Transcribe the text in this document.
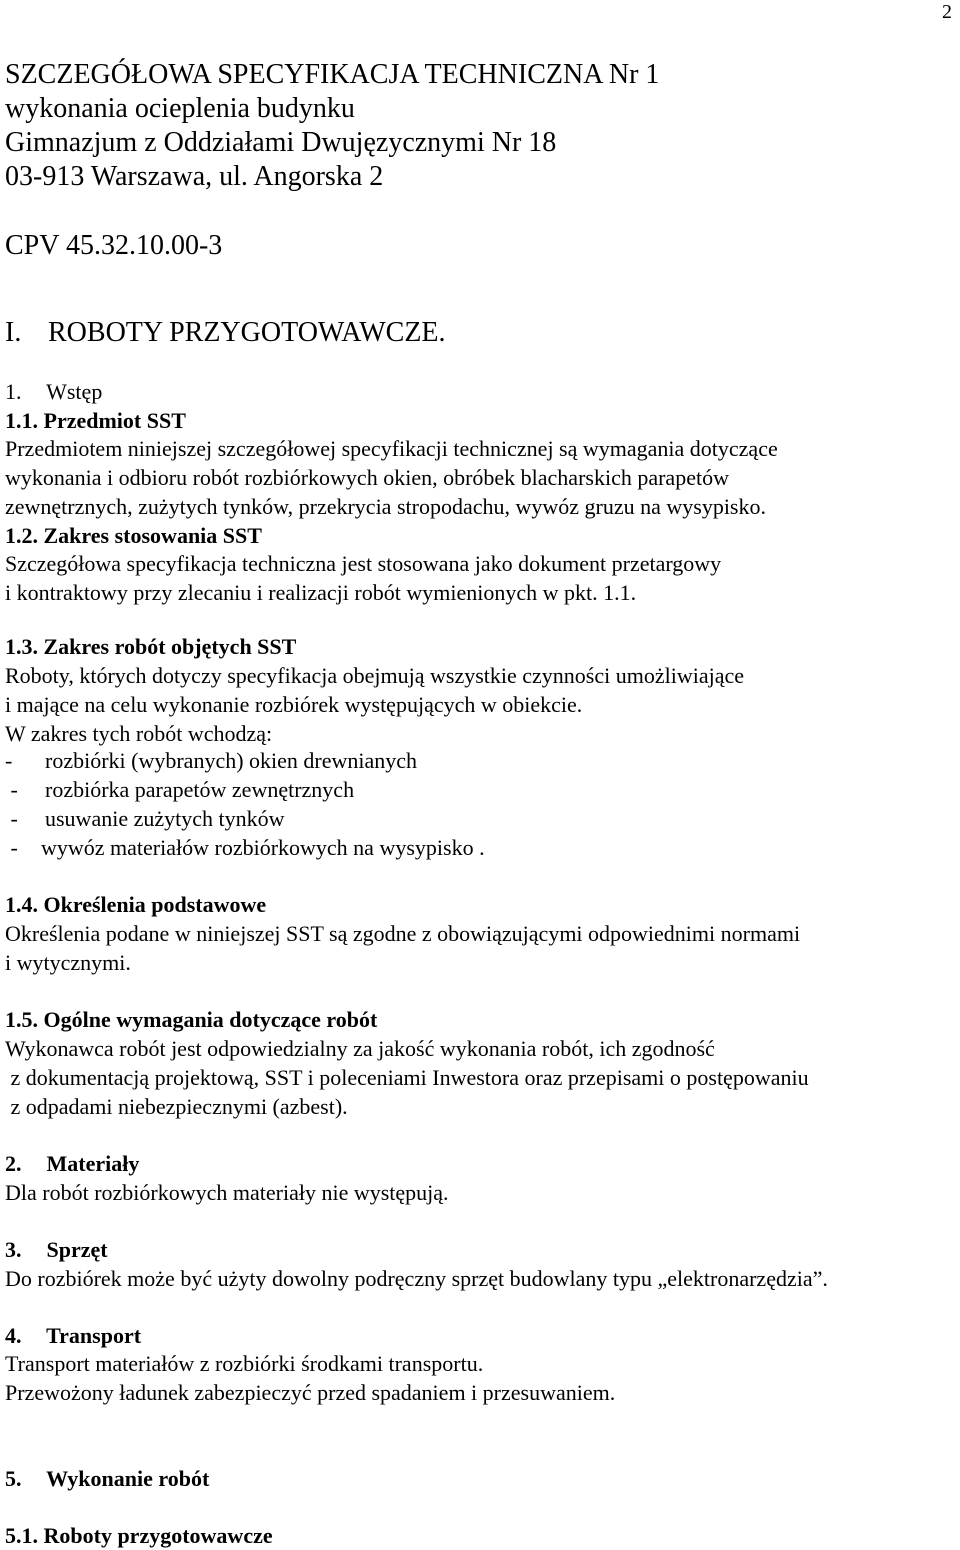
2
SZCZEGÓŁOWA SPECYFIKACJA TECHNICZNA Nr 1
wykonania ocieplenia budynku
Gimnazjum z Oddziałami Dwujęzycznymi Nr 18
03-913 Warszawa, ul. Angorska 2
CPV 45.32.10.00-3
I. ROBOTY PRZYGOTOWAWCZE.
1. Wstęp
1.1. Przedmiot SST
Przedmiotem niniejszej szczegółowej specyfikacji technicznej są wymagania dotyczące
wykonania i odbioru robót rozbiórkowych okien, obróbek blacharskich parapetów
zewnętrznych, zużytych tynków, przekrycia stropodachu, wywóz gruzu na wysypisko.
1.2. Zakres stosowania SST
Szczegółowa specyfikacja techniczna jest stosowana jako dokument przetargowy
i kontraktowy przy zlecaniu i realizacji robót wymienionych w pkt. 1.1.
1.3. Zakres robót objętych SST
Roboty, których dotyczy specyfikacja obejmują wszystkie czynności umożliwiające
i mające na celu wykonanie rozbiórek występujących w obiekcie.
W zakres tych robót wchodzą:
- rozbiórki (wybranych) okien drewnianych
- rozbiórka parapetów zewnętrznych
- usuwanie zużytych tynków
- wywóz materiałów rozbiórkowych na wysypisko .
1.4. Określenia podstawowe
Określenia podane w niniejszej SST są zgodne z obowiązującymi odpowiednimi normami
i wytycznymi.
1.5. Ogólne wymagania dotyczące robót
Wykonawca robót jest odpowiedzialny za jakość wykonania robót, ich zgodność
z dokumentacją projektową, SST i poleceniami Inwestora oraz przepisami o postępowaniu
z odpadami niebezpiecznymi (azbest).
2. Materiały
Dla robót rozbiórkowych materiały nie występują.
3. Sprzęt
Do rozbiórek może być użyty dowolny podręczny sprzęt budowlany typu „elektronarzędzia”.
4. Transport
Transport materiałów z rozbiórki środkami transportu.
Przewożony ładunek zabezpieczyć przed spadaniem i przesuwaniem.
5. Wykonanie robót
5.1. Roboty przygotowawcze
